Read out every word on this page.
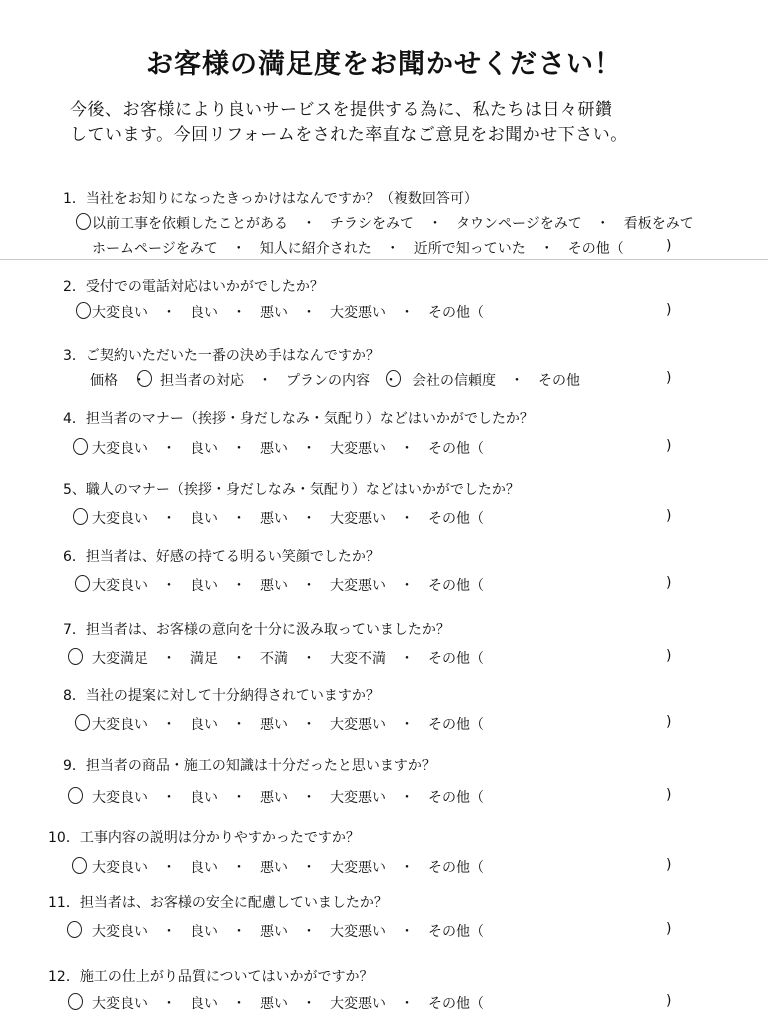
お客様の満足度をお聞かせください！
今後、お客様により良いサービスを提供する為に、私たちは日々研鑽
しています。今回リフォームをされた率直なご意見をお聞かせ下さい。
1．当社をお知りになったきっかけはなんですか？（複数回答可）
以前工事を依頼したことがある ・ チラシをみて ・ タウンページをみて ・ 看板をみて
ホームページをみて ・ 知人に紹介された ・ 近所で知っていた ・ その他（	)
2．受付での電話対応はいかがでしたか？
大変良い ・ 良い ・ 悪い ・ 大変悪い ・ その他（	)
3．ご契約いただいた一番の決め手はなんですか？
価格 ・ 担当者の対応 ・ プランの内容 ・ 会社の信頼度 ・ その他	)
4．担当者のマナー（挨拶・身だしなみ・気配り）などはいかがでしたか？
大変良い ・ 良い ・ 悪い ・ 大変悪い ・ その他（	)
5、職人のマナー（挨拶・身だしなみ・気配り）などはいかがでしたか？
大変良い ・ 良い ・ 悪い ・ 大変悪い ・ その他（	)
6．担当者は、好感の持てる明るい笑顔でしたか？
大変良い ・ 良い ・ 悪い ・ 大変悪い ・ その他（	)
7．担当者は、お客様の意向を十分に汲み取っていましたか？
大変満足 ・ 満足 ・ 不満 ・ 大変不満 ・ その他（	)
8．当社の提案に対して十分納得されていますか？
大変良い ・ 良い ・ 悪い ・ 大変悪い ・ その他（	)
9．担当者の商品・施工の知識は十分だったと思いますか？
大変良い ・ 良い ・ 悪い ・ 大変悪い ・ その他（	)
10．工事内容の説明は分かりやすかったですか？
大変良い ・ 良い ・ 悪い ・ 大変悪い ・ その他（	)
11．担当者は、お客様の安全に配慮していましたか？
大変良い ・ 良い ・ 悪い ・ 大変悪い ・ その他（	)
12．施工の仕上がり品質についてはいかがですか？
大変良い ・ 良い ・ 悪い ・ 大変悪い ・ その他（	)
